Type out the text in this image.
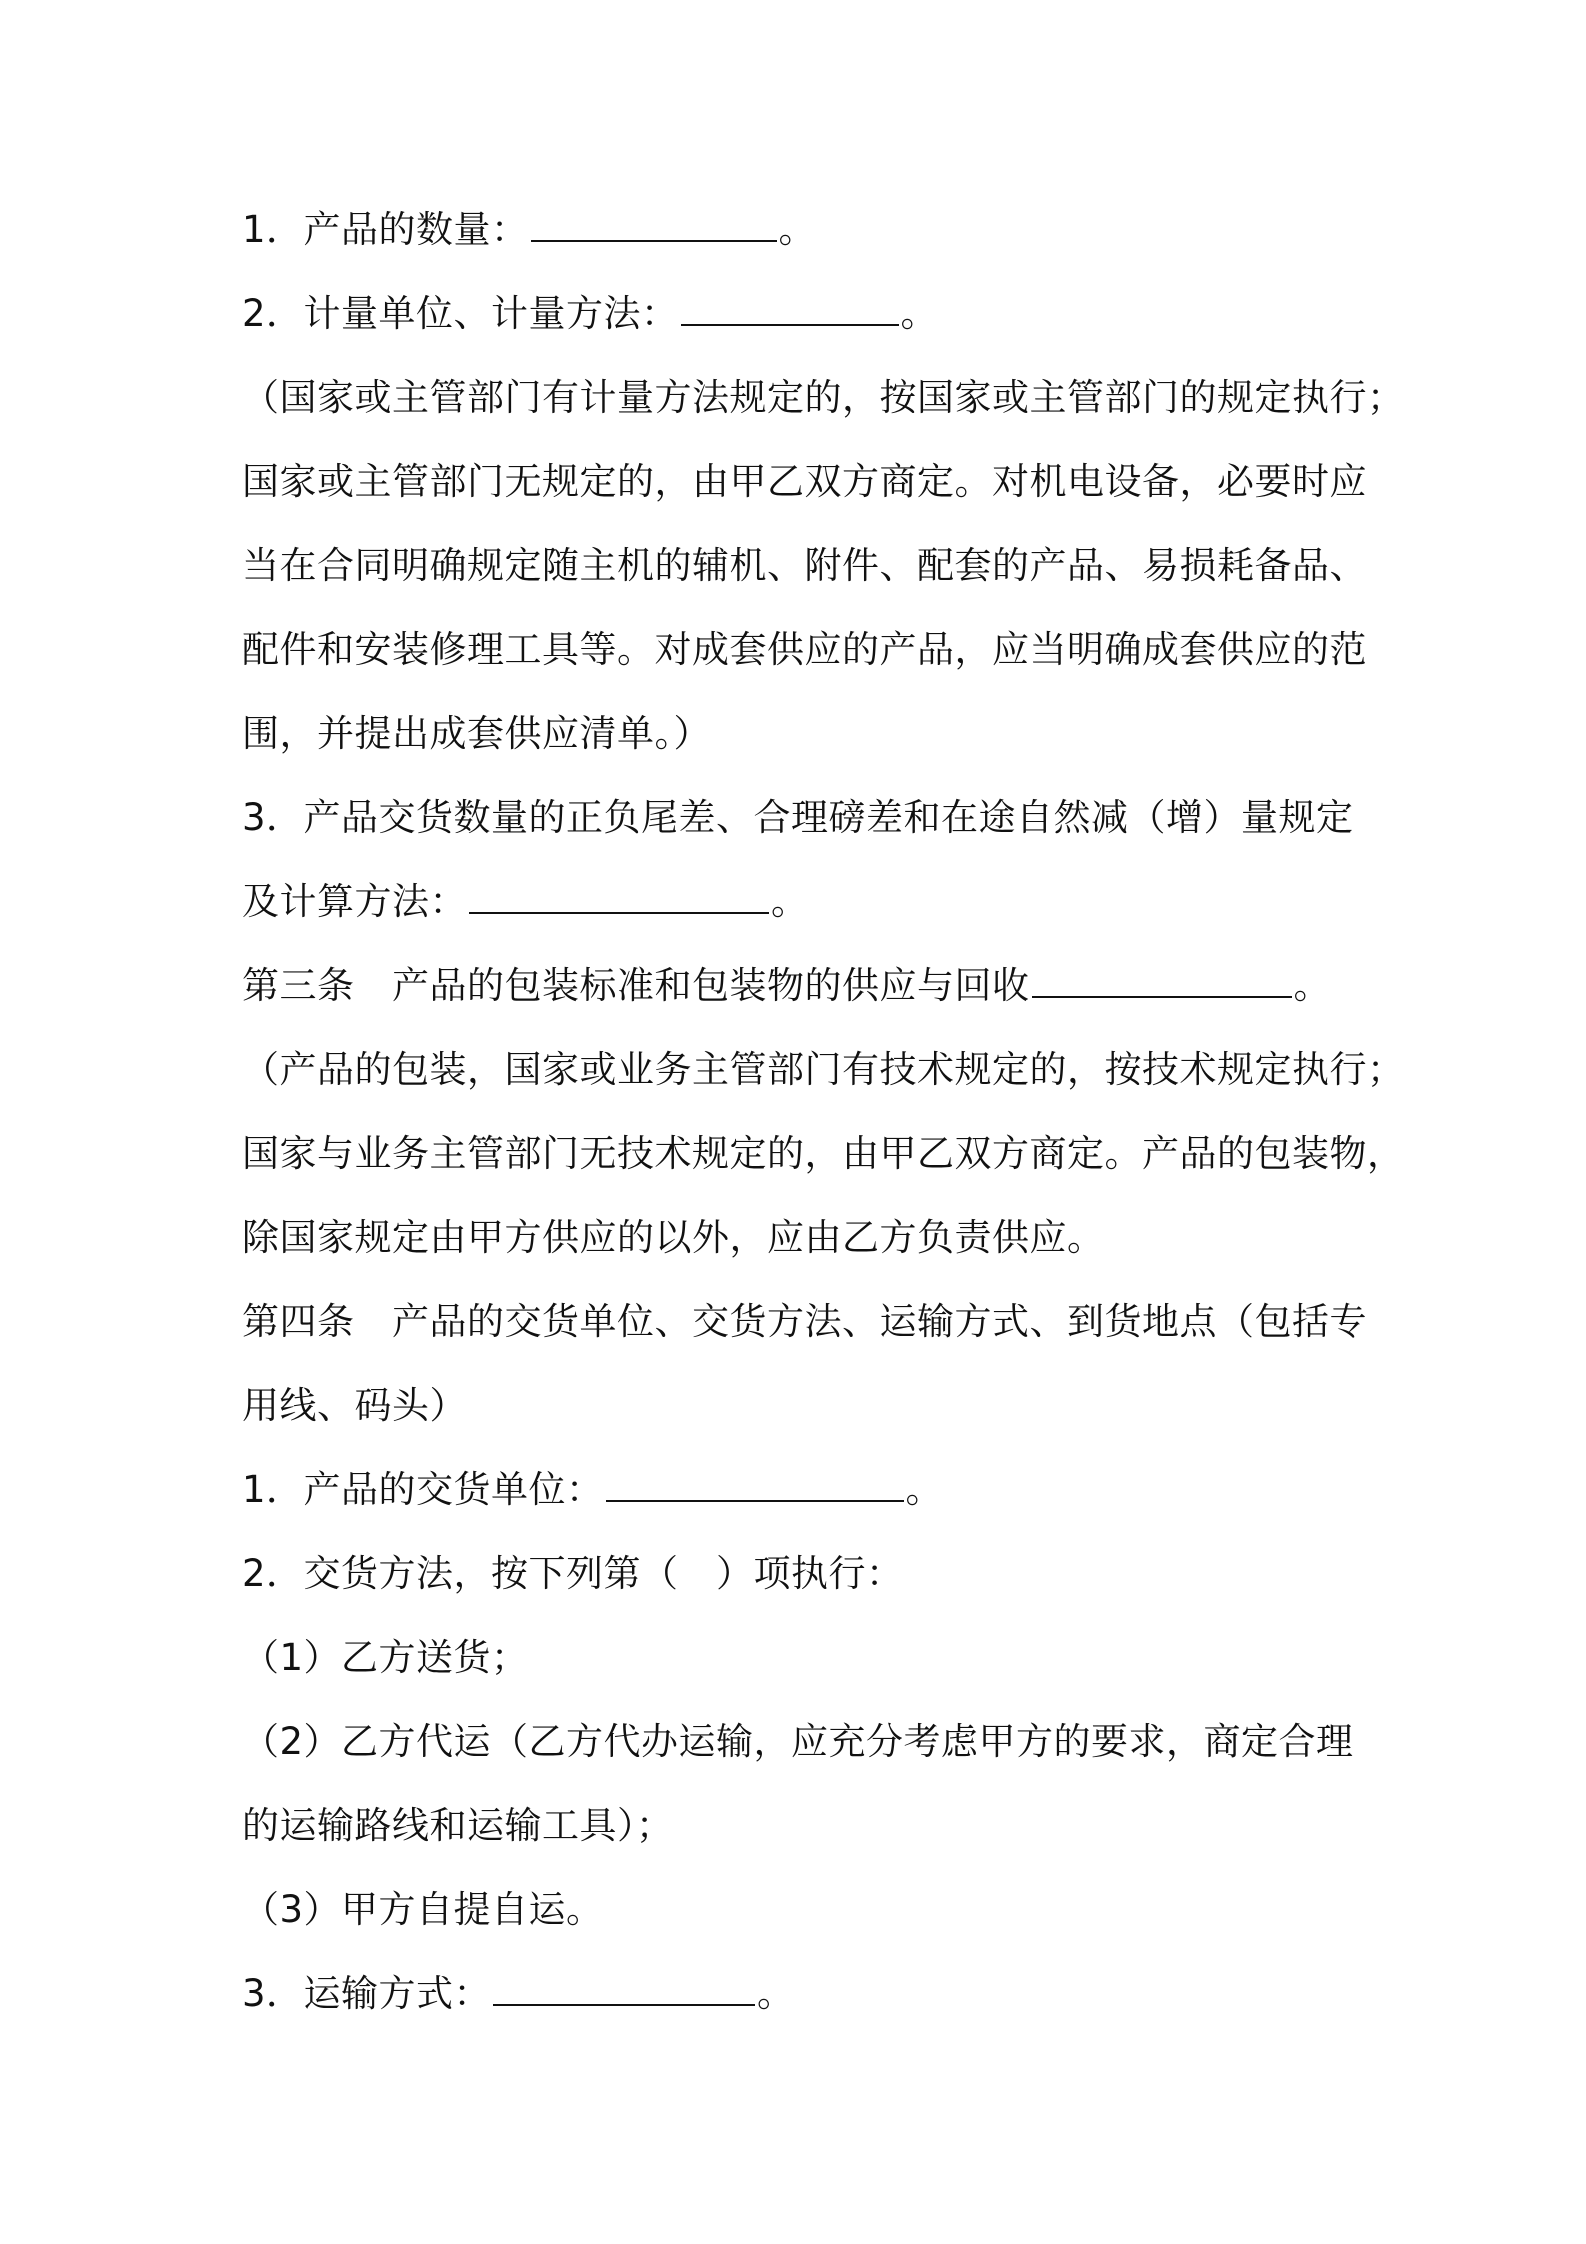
1．产品的数量：	。
2．计量单位、计量方法：	。
（国家或主管部门有计量方法规定的，按国家或主管部门的规定执行；
国家或主管部门无规定的，由甲乙双方商定。对机电设备，必要时应
当在合同明确规定随主机的辅机、附件、配套的产品、易损耗备品、
配件和安装修理工具等。对成套供应的产品，应当明确成套供应的范
围，并提出成套供应清单。）
3．产品交货数量的正负尾差、合理磅差和在途自然减（增）量规定
及计算方法：	。
第三条　产品的包装标准和包装物的供应与回收	。
（产品的包装，国家或业务主管部门有技术规定的，按技术规定执行；
国家与业务主管部门无技术规定的，由甲乙双方商定。产品的包装物，
除国家规定由甲方供应的以外，应由乙方负责供应。
第四条　产品的交货单位、交货方法、运输方式、到货地点（包括专
用线、码头）
1．产品的交货单位：	。
2．交货方法，按下列第（　）项执行：
（1）乙方送货；
（2）乙方代运（乙方代办运输，应充分考虑甲方的要求，商定合理
的运输路线和运输工具）；
（3）甲方自提自运。
3．运输方式：	。
